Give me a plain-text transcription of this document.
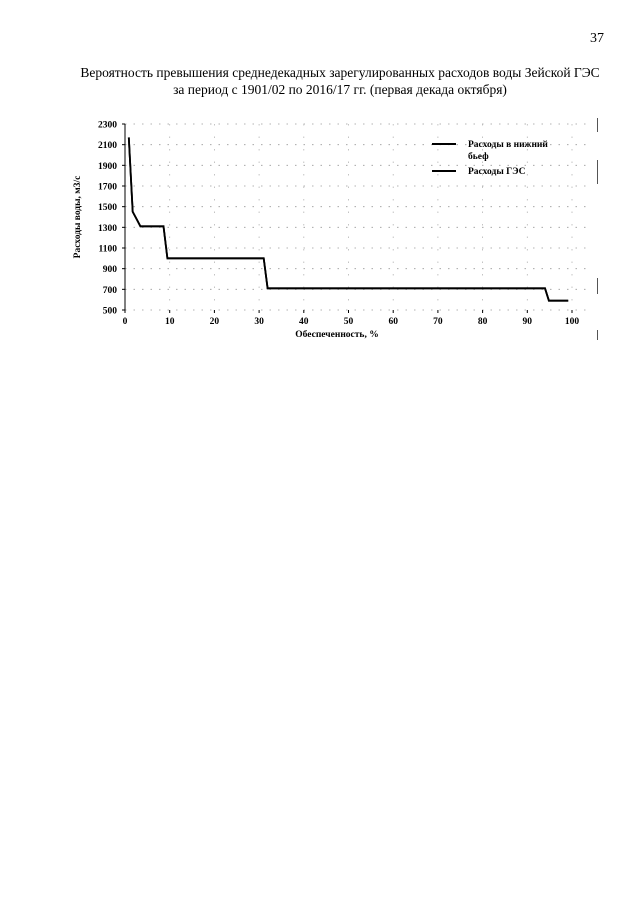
37
Вероятность превышения среднедекадных зарегулированных расходов воды Зейской ГЭС
за период с 1901/02 по 2016/17 гг. (первая декада октября)
500
700
900
1100
1300
1500
1700
1900
2100
2300
0	10	20	30	40	50	60	70	80	90	100
Расходы в нижний
бьеф
Расходы ГЭС
Расходы воды, м3/с
Обеспеченность, %
